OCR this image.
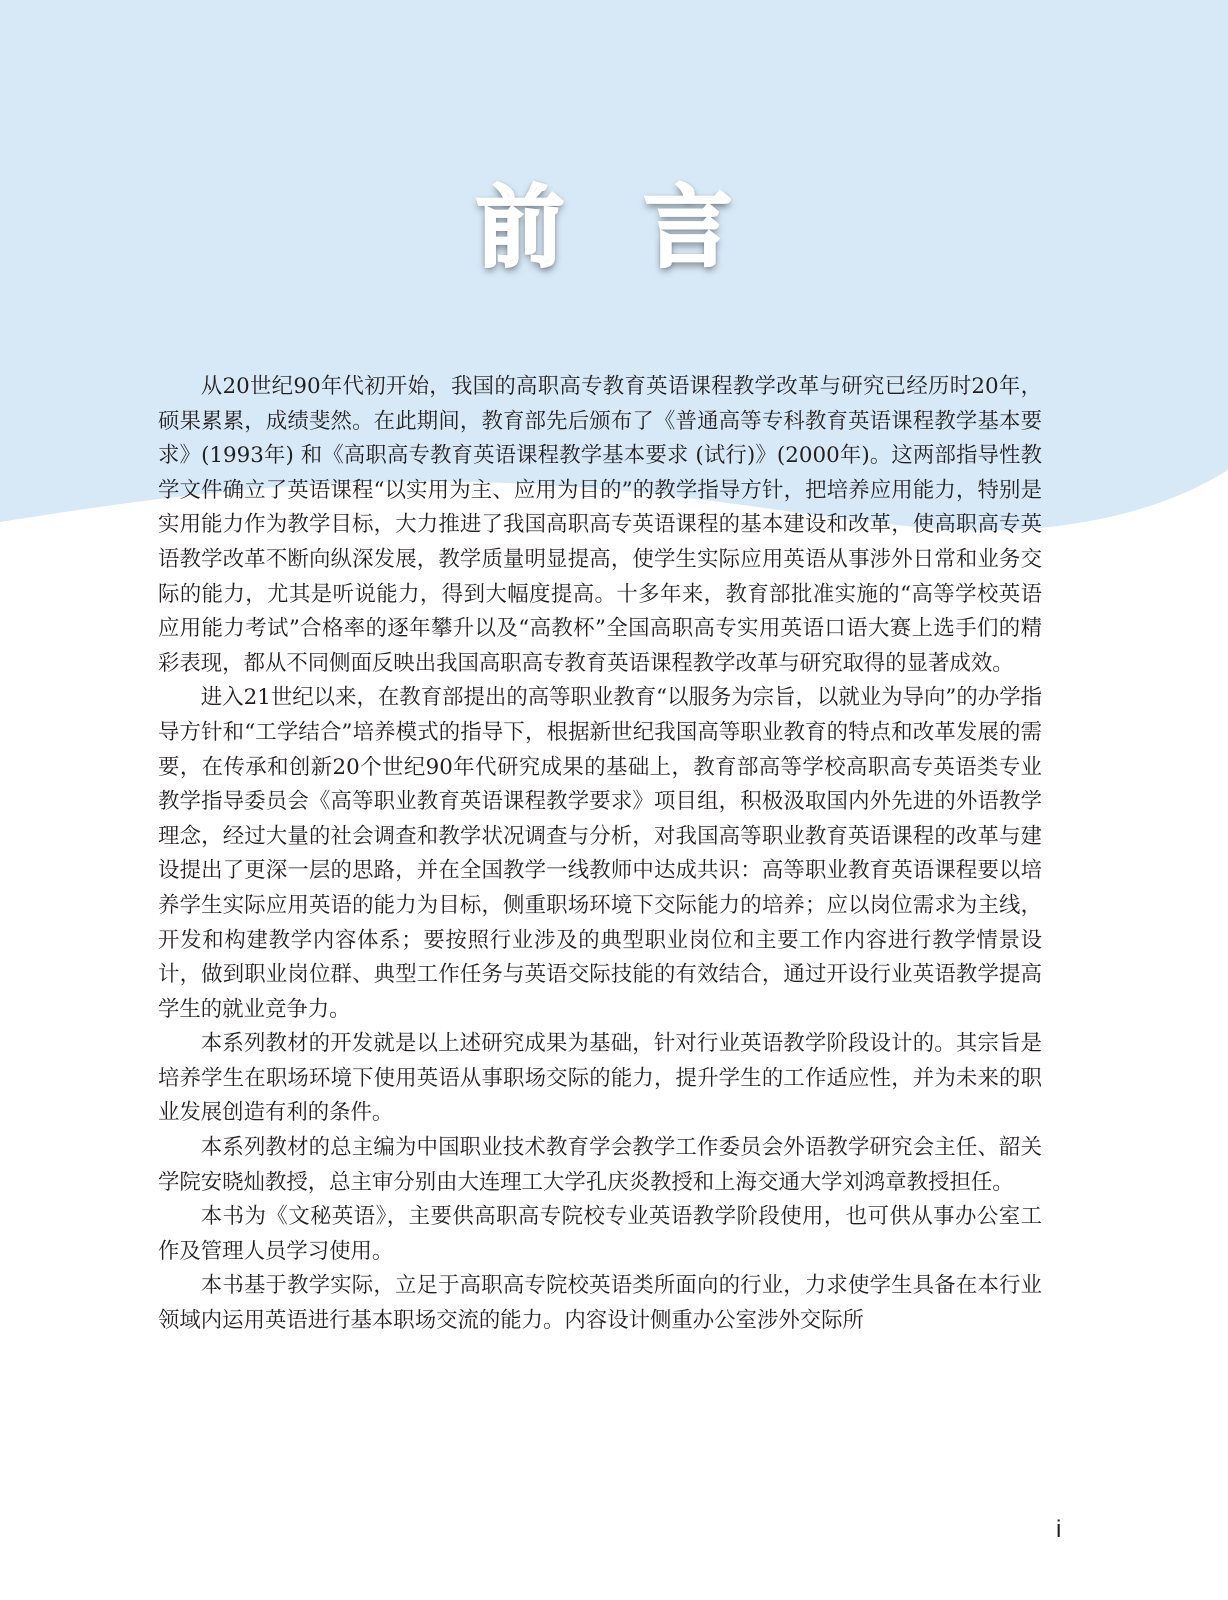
前言

从20世纪90年代初开始，我国的高职高专教育英语课程教学改革与研究已经历时20年，硕果累累，成绩斐然。在此期间，教育部先后颁布了《普通高等专科教育英语课程教学基本要求》(1993年) 和《高职高专教育英语课程教学基本要求 (试行)》(2000年)。这两部指导性教学文件确立了英语课程“以实用为主、应用为目的”的教学指导方针，把培养应用能力，特别是实用能力作为教学目标，大力推进了我国高职高专英语课程的基本建设和改革，使高职高专英语教学改革不断向纵深发展，教学质量明显提高，使学生实际应用英语从事涉外日常和业务交际的能力，尤其是听说能力，得到大幅度提高。十多年来，教育部批准实施的“高等学校英语应用能力考试”合格率的逐年攀升以及“高教杯”全国高职高专实用英语口语大赛上选手们的精彩表现，都从不同侧面反映出我国高职高专教育英语课程教学改革与研究取得的显著成效。

进入21世纪以来，在教育部提出的高等职业教育“以服务为宗旨，以就业为导向”的办学指导方针和“工学结合”培养模式的指导下，根据新世纪我国高等职业教育的特点和改革发展的需要，在传承和创新20个世纪90年代研究成果的基础上，教育部高等学校高职高专英语类专业教学指导委员会《高等职业教育英语课程教学要求》项目组，积极汲取国内外先进的外语教学理念，经过大量的社会调查和教学状况调查与分析，对我国高等职业教育英语课程的改革与建设提出了更深一层的思路，并在全国教学一线教师中达成共识：高等职业教育英语课程要以培养学生实际应用英语的能力为目标，侧重职场环境下交际能力的培养；应以岗位需求为主线，开发和构建教学内容体系；要按照行业涉及的典型职业岗位和主要工作内容进行教学情景设计，做到职业岗位群、典型工作任务与英语交际技能的有效结合，通过开设行业英语教学提高学生的就业竞争力。

本系列教材的开发就是以上述研究成果为基础，针对行业英语教学阶段设计的。其宗旨是培养学生在职场环境下使用英语从事职场交际的能力，提升学生的工作适应性，并为未来的职业发展创造有利的条件。

本系列教材的总主编为中国职业技术教育学会教学工作委员会外语教学研究会主任、韶关学院安晓灿教授，总主审分别由大连理工大学孔庆炎教授和上海交通大学刘鸿章教授担任。

本书为《文秘英语》，主要供高职高专院校专业英语教学阶段使用，也可供从事办公室工作及管理人员学习使用。

本书基于教学实际，立足于高职高专院校英语类所面向的行业，力求使学生具备在本行业领域内运用英语进行基本职场交流的能力。内容设计侧重办公室涉外交际所

i
